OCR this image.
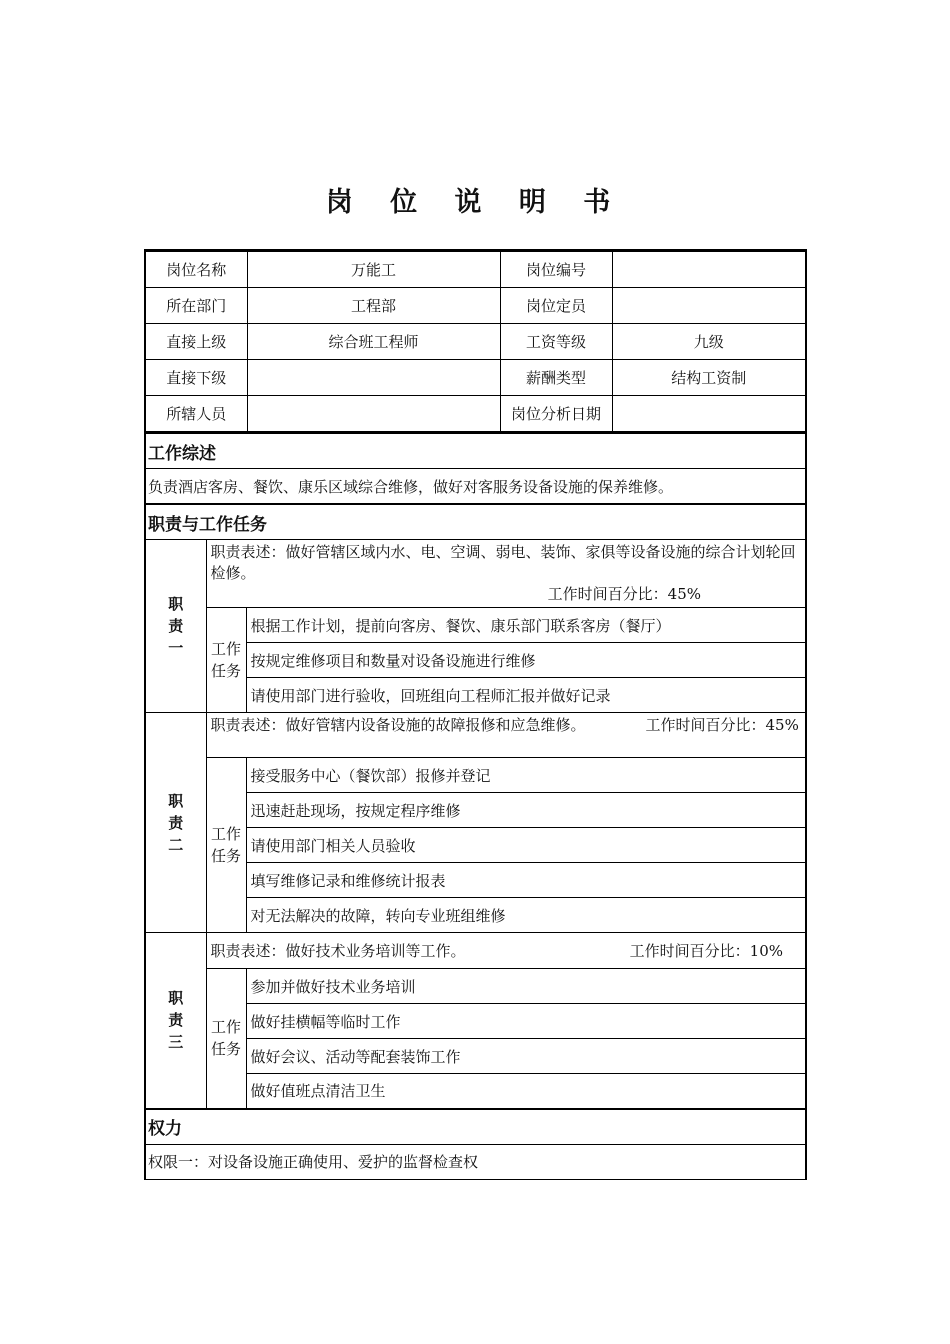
岗 位 说 明 书
岗位名称	万能工	岗位编号	
所在部门	工程部	岗位定员	
直接上级	综合班工程师	工资等级	九级
直接下级		薪酬类型	结构工资制
所辖人员		岗位分析日期	
工作综述		
负责酒店客房、餐饮、康乐区域综合维修，做好对客服务设备设施的保养维修。		
职责与工作任务		
职
责
一	职责表述：做好管辖区域内水、电、空调、弱电、装饰、家俱等设备设施的综合计划轮回检修。
工作时间百分比：45%	

	工作
任务	根据工作计划，提前向客房、餐饮、康乐部门联系客房（餐厅）
		按规定维修项目和数量对设备设施进行维修
		请使用部门进行验收，回班组向工程师汇报并做好记录
职
责
二	职责表述：做好管辖内设备设施的故障报修和应急维修。 工作时间百分比：45%	
	工作
任务	接受服务中心（餐饮部）报修并登记
		迅速赶赴现场，按规定程序维修
		请使用部门相关人员验收
		填写维修记录和维修统计报表
		对无法解决的故障，转向专业班组维修
职
责
三	职责表述：做好技术业务培训等工作。 工作时间百分比：10%	

	工作
任务	参加并做好技术业务培训
		做好挂横幅等临时工作
		做好会议、活动等配套装饰工作
		做好值班点清洁卫生
权力		
权限一：对设备设施正确使用、爱护的监督检查权		
